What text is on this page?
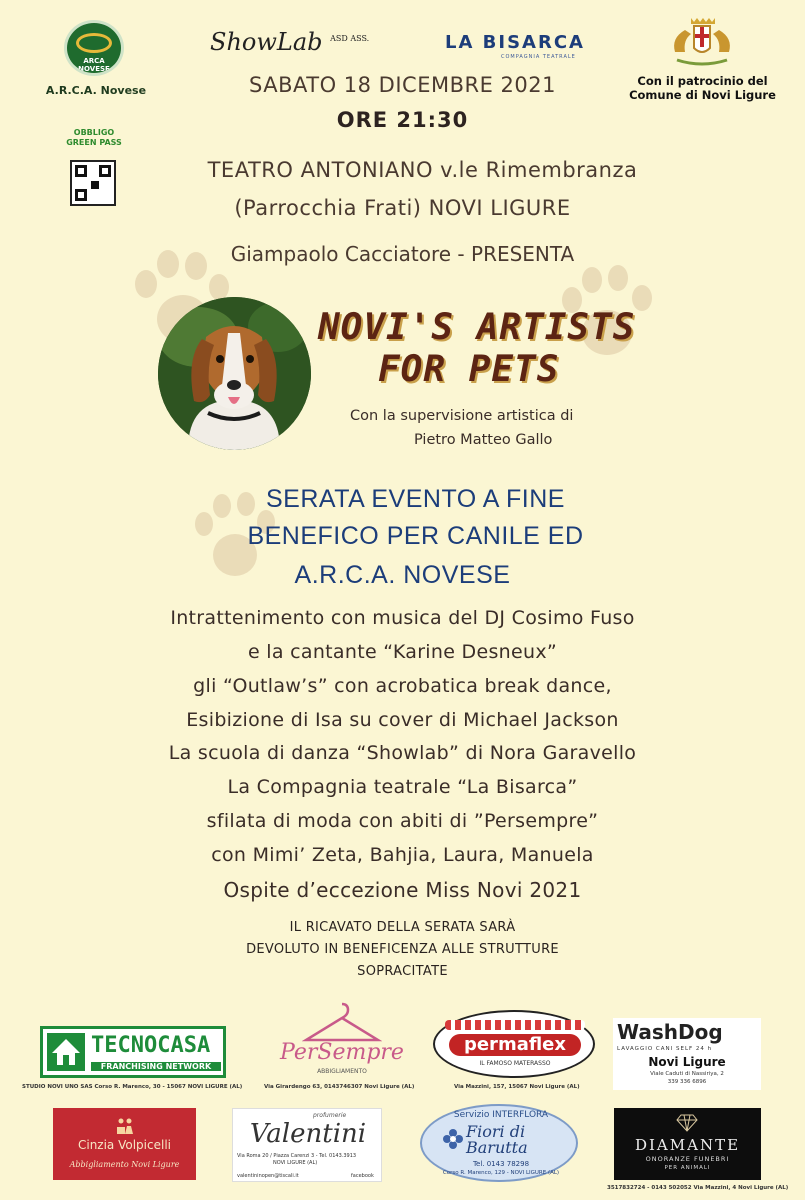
ARCA NOVESE
A.R.C.A. Novese
ShowLab $^{ASD ASS.}$	LA BISARCA
COMPAGNIA TEATRALE
Con il patrocinio del
Comune di Novi Ligure
OBBLIGO
GREEN PASS
SABATO 18 DICEMBRE 2021
ORE 21:30
TEATRO ANTONIANO v.le Rimembranza
(Parrocchia Frati) NOVI LIGURE
Giampaolo Cacciatore - PRESENTA
NOVI'S ARTISTS
FOR PETS
Con la supervisione artistica di
Pietro Matteo Gallo
SERATA EVENTO A FINE
BENEFICO PER CANILE ED
A.R.C.A. NOVESE
Intrattenimento con musica del DJ Cosimo Fuso
e la cantante “Karine Desneux”
gli “Outlaw’s” con acrobatica break dance,
Esibizione di Isa su cover di Michael Jackson
La scuola di danza “Showlab” di Nora Garavello
La Compagnia teatrale “La Bisarca”
sfilata di moda con abiti di ”Persempre”
con Mimi’ Zeta, Bahjia, Laura, Manuela
Ospite d’eccezione Miss Novi 2021
IL RICAVATO DELLA SERATA SARÀ
DEVOLUTO IN BENEFICENZA ALLE STRUTTURE
SOPRACITATE
TECNOCASA
FRANCHISING NETWORK
STUDIO NOVI UNO SAS Corso R. Marenco, 30 - 15067 NOVI LIGURE (AL)
PerSempre
ABBIGLIAMENTO
Via Girardengo 63, 0143746307 Novi Ligure (AL)
permaflex
IL FAMOSO MATERASSO
Via Mazzini, 157, 15067 Novi Ligure (AL)
WashDog
LAVAGGIO CANI SELF 24 h
Novi Ligure
Viale Caduti di Nassiriya, 2
339 336 6896
Cinzia Volpicelli
Abbigliamento Novi Ligure
profumerie
Valentini
Via Roma 20 / Piazza Carenzi 3 - Tel. 0143.3913
NOVI LIGURE (AL)
valentininopen@tiscali.it	facebook
Servizio INTERFLORA
Fiori di Barutta
Tel. 0143 78298
Corso R. Marenco, 129 - NOVI LIGURE (AL)
DIAMANTE
ONORANZE FUNEBRI
PER ANIMALI
3517832724 - 0143 502052 Via Mazzini, 4 Novi Ligure (AL)
